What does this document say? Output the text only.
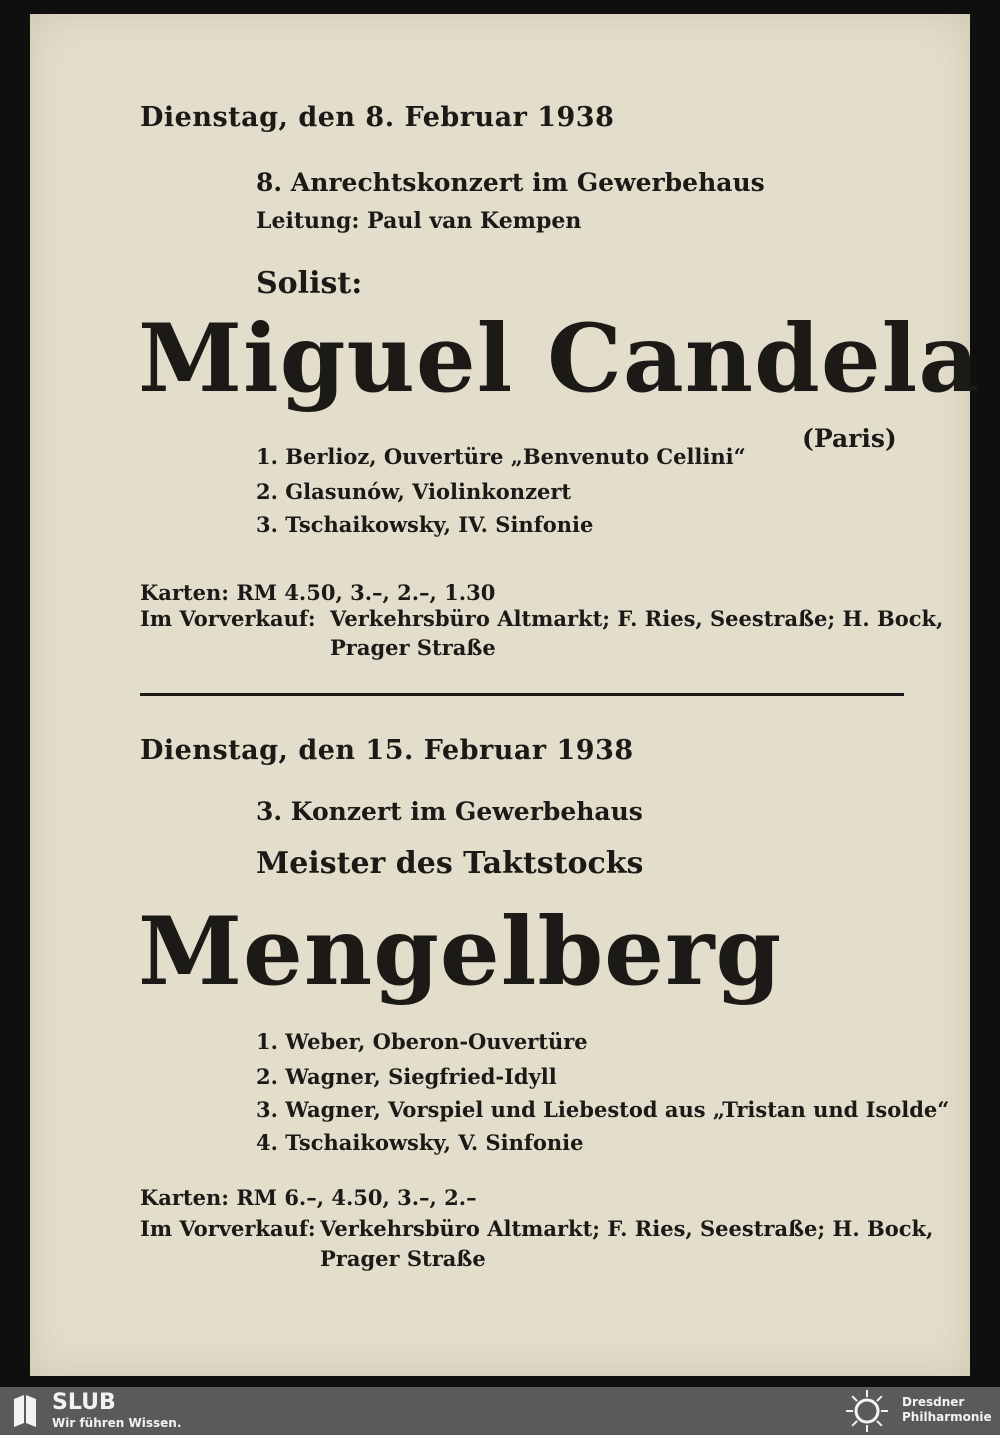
Dienstag, den 8. Februar 1938
8. Anrechtskonzert im Gewerbehaus
Leitung: Paul van Kempen
Solist:
Miguel Candela
(Paris)
1. Berlioz, Ouvertüre „Benvenuto Cellini“
2. Glasunów, Violinkonzert
3. Tschaikowsky, IV. Sinfonie
Karten: RM 4.50, 3.–, 2.–, 1.30
Im Vorverkauf: Verkehrsbüro Altmarkt; F. Ries, Seestraße; H. Bock,
Prager Straße
Dienstag, den 15. Februar 1938
3. Konzert im Gewerbehaus
Meister des Taktstocks
Mengelberg
1. Weber, Oberon-Ouvertüre
2. Wagner, Siegfried-Idyll
3. Wagner, Vorspiel und Liebestod aus „Tristan und Isolde“
4. Tschaikowsky, V. Sinfonie
Karten: RM 6.–, 4.50, 3.–, 2.–
Im Vorverkauf: Verkehrsbüro Altmarkt; F. Ries, Seestraße; H. Bock,
Prager Straße
SLUB
Wir führen Wissen.
Dresdner
Philharmonie
